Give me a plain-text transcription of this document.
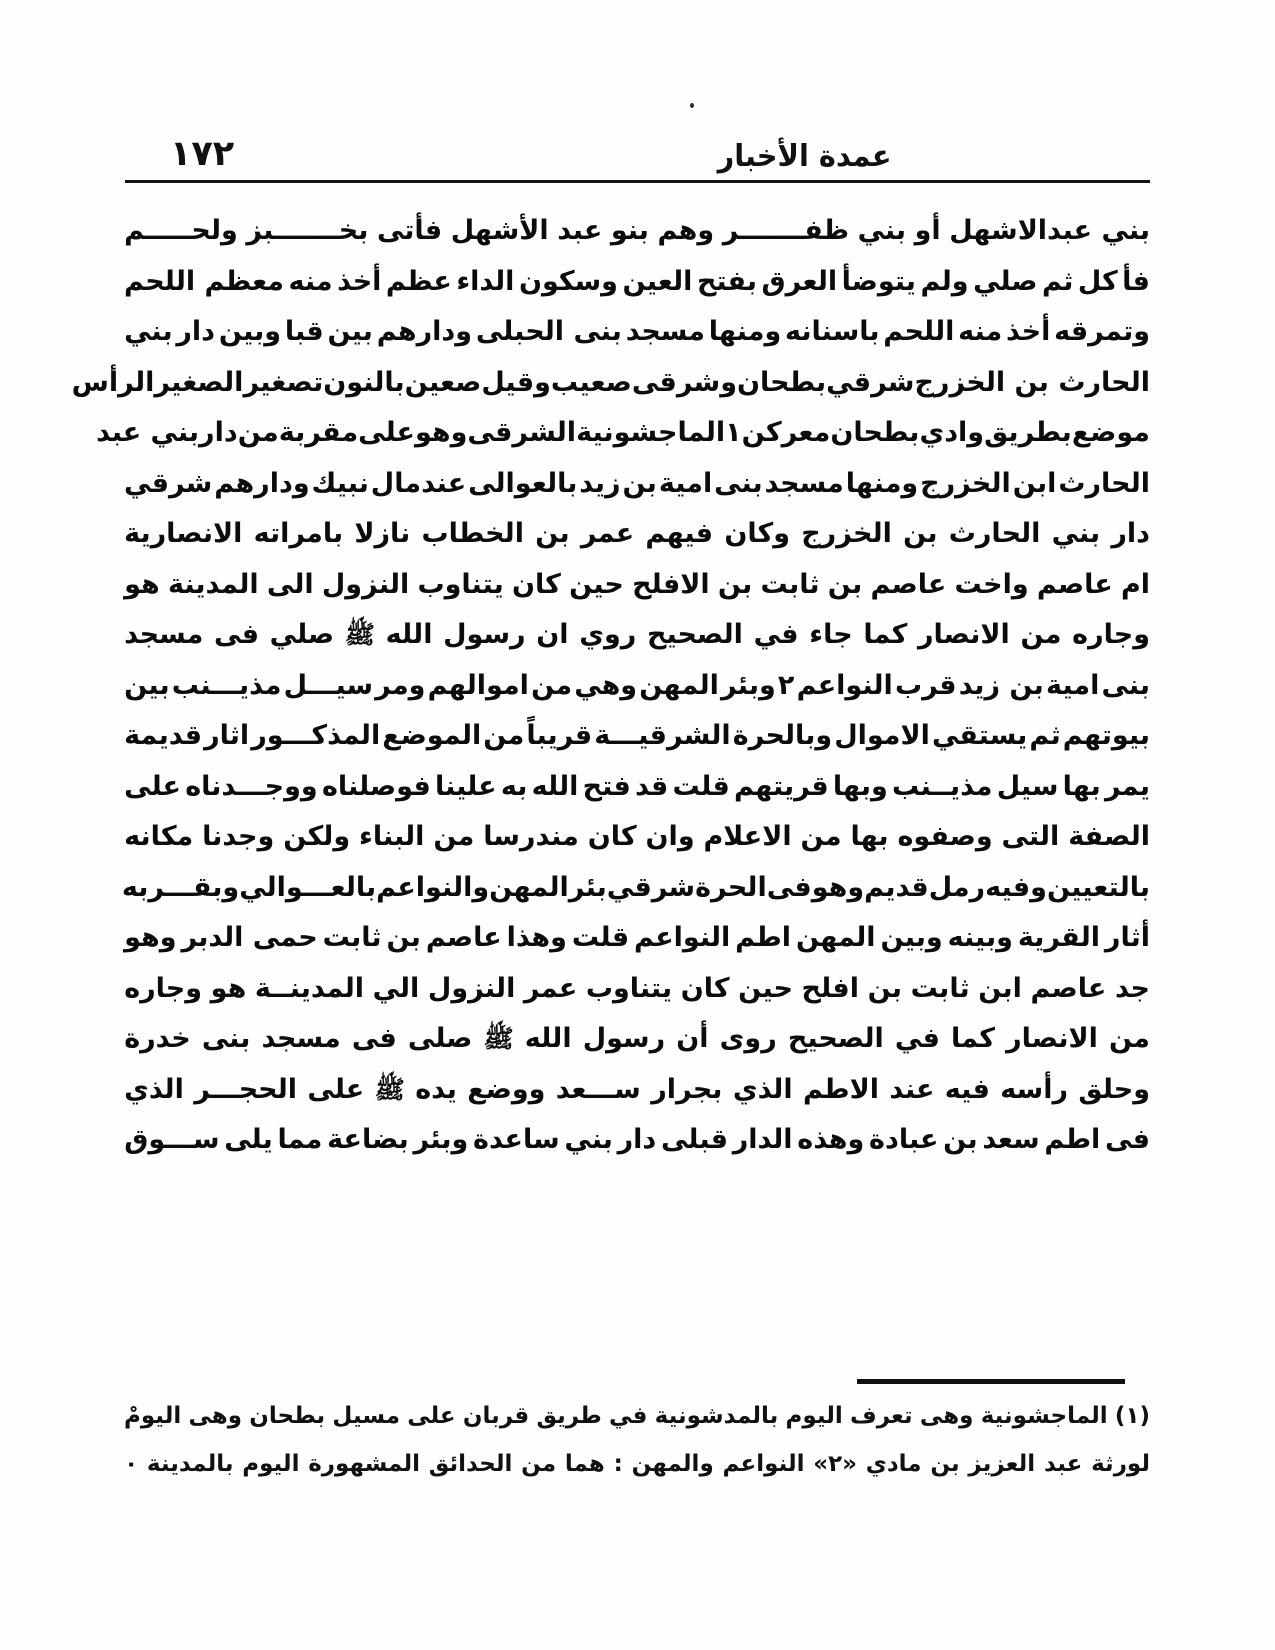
عمدة الأخبار
١٧٢
بني عبدالاشهل
أو
بني
ظفـــــــر
وهم
بنو
عبد
الأشهل
فأتى
بخـــــــبز
ولحـــــم
فأ
كل
ثم
صلي
ولم
يتوضأ
العرق
بفتح
العين
وسكون
الداء
عظم
أخذ
منه
معظم اللحم
وتمرقه
أخذ
منه
اللحم
باسنانه
ومنها
مسجد
بنى الحبلى
ودارهم
بين
قبا
وبين
دار
بني
الحارث بن الخزرج
شرقي
بطحان
وشرقى
صعيب
وقيل
صعين
بالنون
تصغير
الصغير
الرأس
موضع
بطريق
وادي
بطحان
معركن
١
الماجشونية
الشرقى
وهو
على
مقربة
من
دار
بني عبد
الحارث
ابن
الخزرج
ومنها
مسجد
بنى
امية
بن
زيد
بالعوالى
عندمال
نبيك
ودارهم
شرقي
دار
بني
الحارث
بن
الخزرج
وكان
فيهم
عمر
بن
الخطاب
نازلا
بامراته
الانصارية
ام
عاصم
واخت
عاصم
بن
ثابت
بن
الافلح
حين
كان
يتناوب
النزول
الى
المدينة
هو
وجاره
من
الانصار
كما
جاء
في
الصحيح
روي
ان
رسول
الله
ﷺ
صلي
فى
مسجد
بنى
امية
بن زيد
قرب
النواعم
٢
وبئر
المهن
وهي
من
اموالهم
ومر
سيـــل
مذيـــنب
بين
بيوتهم
ثم
يستقي
الاموال
وبالحرة
الشرقيـــة
قريباً
من
الموضع
المذكـــور
اثار
قديمة
يمر
بها
سيل
مذيــنب
وبها
قريتهم
قلت
قد
فتح
الله
به
علينا
فوصلناه
ووجـــدناه
على
الصفة
التى
وصفوه
بها
من
الاعلام
وان
كان
مندرسا
من
البناء
ولكن
وجدنا
مكانه
بالتعيين
وفيه
رمل
قديم
وهو
فى
الحرة
شرقي
بئر
المهن
والنواعم
بالعـــوالي
وبقـــربه
أثار
القرية
وبينه
وبين
المهن
اطم
النواعم
قلت
وهذا
عاصم
بن
ثابت
حمى الدبر
وهو
جد
عاصم
ابن
ثابت
بن
افلح
حين
كان
يتناوب
عمر
النزول
الي
المدينــة
هو
وجاره
من
الانصار
كما
في
الصحيح
روى
أن
رسول
الله
ﷺ
صلى
فى
مسجد
بنى
خدرة
وحلق
رأسه
فيه
عند
الاطم
الذي
بجرار
ســـعد
ووضع
يده
ﷺ
على
الحجـــر
الذي
فى
اطم
سعد
بن
عبادة
وهذه
الدار
قبلى
دار
بني
ساعدة
وبئر
بضاعة
مما
يلى
ســـوق
(١)
الماجشونية
وهى
تعرف
اليوم
بالمدشونية
في
طريق
قربان
على
مسيل
بطحان
وهى
اليومْ
لورثة
عبد
العزيز
بن
مادي
«٢»
النواعم
والمهن
:
هما
من
الحدائق
المشهورة
اليوم
بالمدينة
٠
